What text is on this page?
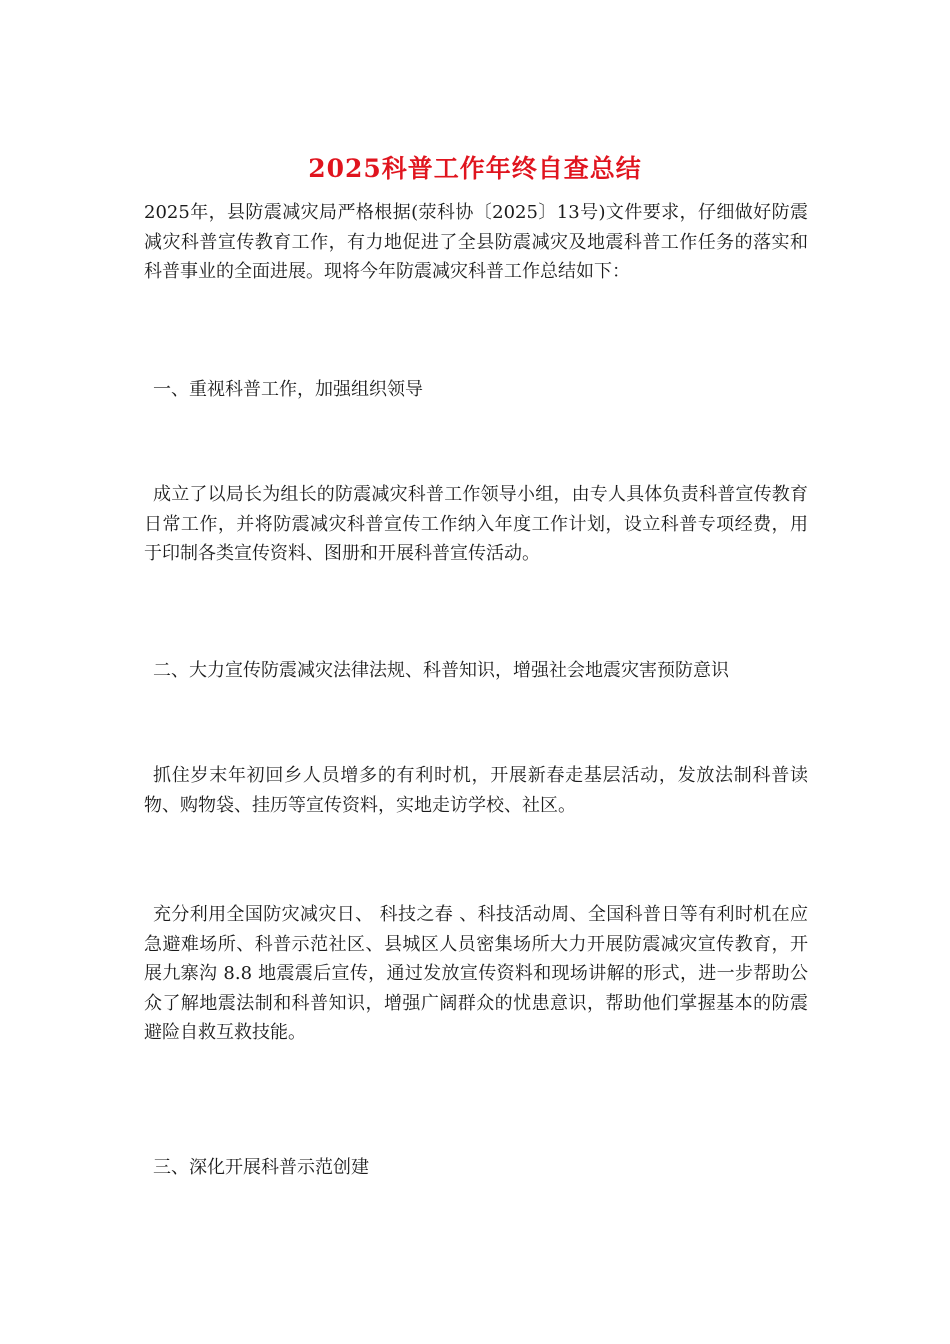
2025科普工作年终自查总结

2025年，县防震减灾局严格根据(荥科协〔2025〕13号)文件要求，仔细做好防震减灾科普宣传教育工作，有力地促进了全县防震减灾及地震科普工作任务的落实和科普事业的全面进展。现将今年防震减灾科普工作总结如下：

一、重视科普工作，加强组织领导

成立了以局长为组长的防震减灾科普工作领导小组，由专人具体负责科普宣传教育日常工作，并将防震减灾科普宣传工作纳入年度工作计划，设立科普专项经费，用于印制各类宣传资料、图册和开展科普宣传活动。

二、大力宣传防震减灾法律法规、科普知识，增强社会地震灾害预防意识

抓住岁末年初回乡人员增多的有利时机，开展新春走基层活动，发放法制科普读物、购物袋、挂历等宣传资料，实地走访学校、社区。

充分利用全国防灾减灾日、 科技之春 、科技活动周、全国科普日等有利时机在应急避难场所、科普示范社区、县城区人员密集场所大力开展防震减灾宣传教育，开展九寨沟 8.8 地震震后宣传，通过发放宣传资料和现场讲解的形式，进一步帮助公众了解地震法制和科普知识，增强广阔群众的忧患意识，帮助他们掌握基本的防震避险自救互救技能。

三、深化开展科普示范创建
